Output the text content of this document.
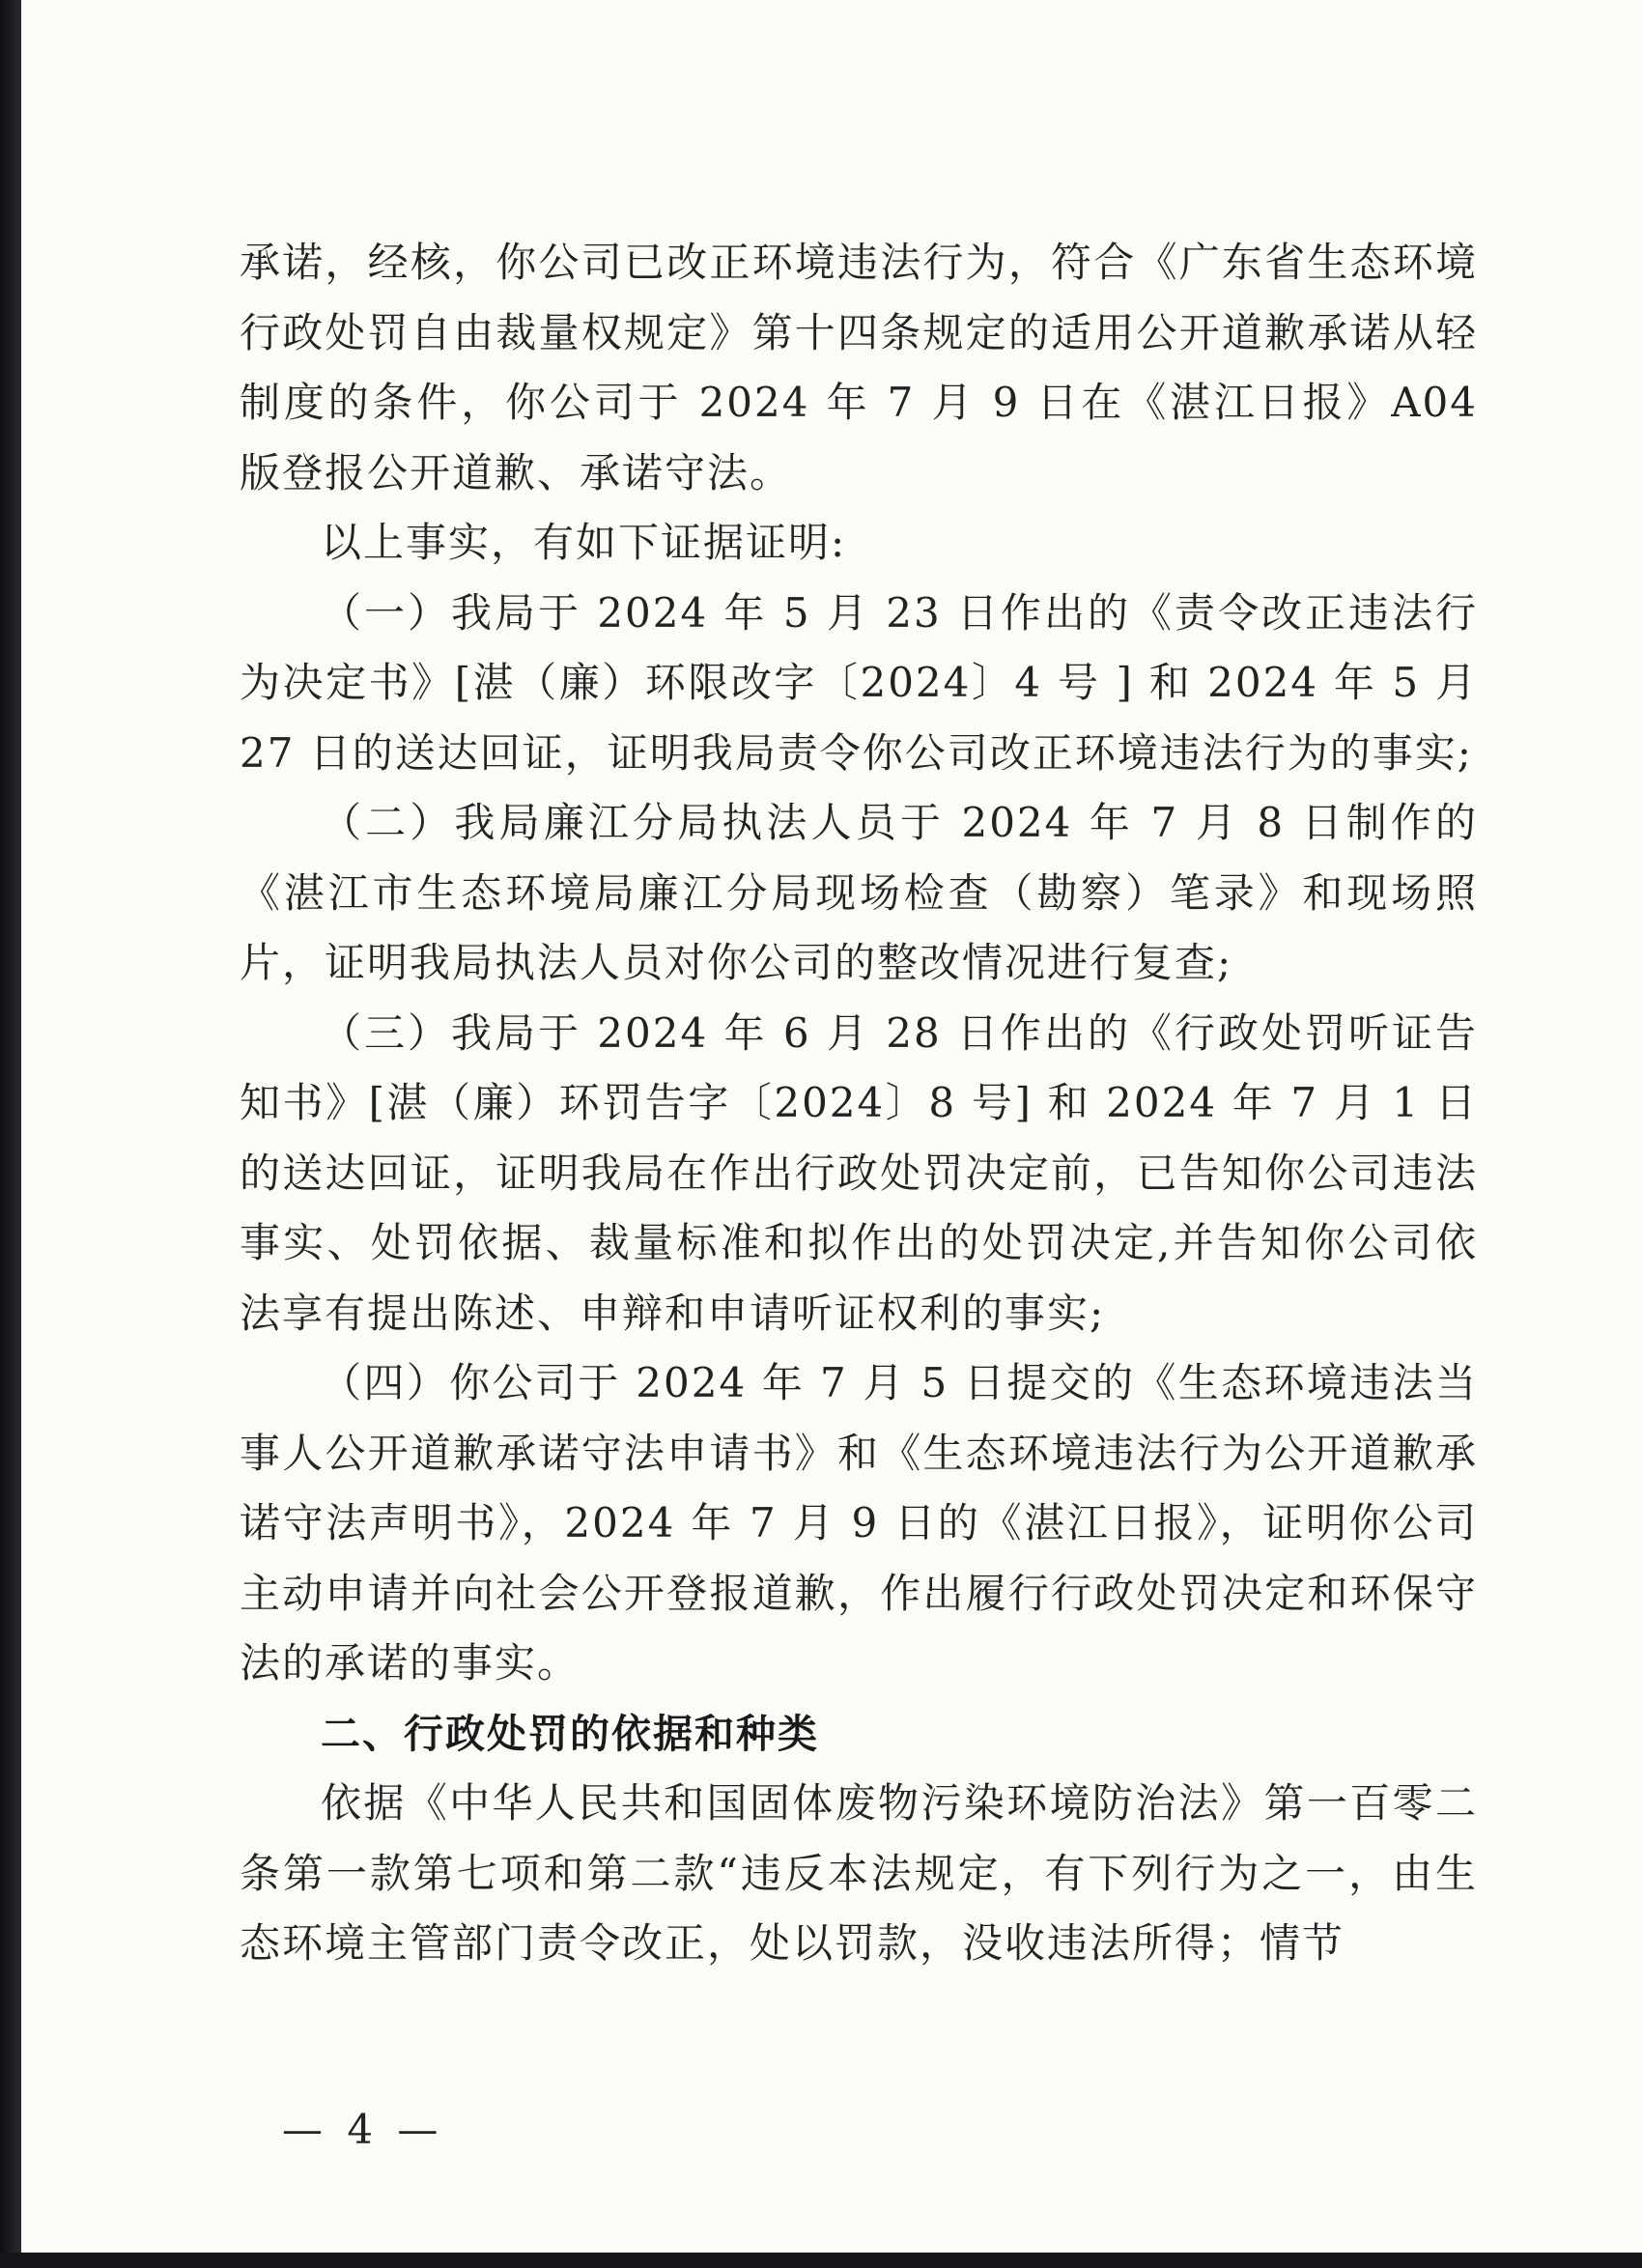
承诺，经核，你公司已改正环境违法行为，符合《广东省生态环境行政处罚自由裁量权规定》第十四条规定的适用公开道歉承诺从轻制度的条件，你公司于 2024 年 7 月 9 日在《湛江日报》A04 版登报公开道歉、承诺守法。

以上事实，有如下证据证明:

（一）我局于 2024 年 5 月 23 日作出的《责令改正违法行为决定书》[湛（廉）环限改字〔2024〕4 号 ] 和 2024 年 5 月 27 日的送达回证，证明我局责令你公司改正环境违法行为的事实;

（二）我局廉江分局执法人员于 2024 年 7 月 8 日制作的《湛江市生态环境局廉江分局现场检查（勘察）笔录》和现场照片，证明我局执法人员对你公司的整改情况进行复查;

（三）我局于 2024 年 6 月 28 日作出的《行政处罚听证告知书》[湛（廉）环罚告字〔2024〕8 号] 和 2024 年 7 月 1 日的送达回证，证明我局在作出行政处罚决定前，已告知你公司违法事实、处罚依据、裁量标准和拟作出的处罚决定,并告知你公司依法享有提出陈述、申辩和申请听证权利的事实;

（四）你公司于 2024 年 7 月 5 日提交的《生态环境违法当事人公开道歉承诺守法申请书》和《生态环境违法行为公开道歉承诺守法声明书》，2024 年 7 月 9 日的《湛江日报》，证明你公司主动申请并向社会公开登报道歉，作出履行行政处罚决定和环保守法的承诺的事实。

二、行政处罚的依据和种类

依据《中华人民共和国固体废物污染环境防治法》第一百零二条第一款第七项和第二款“违反本法规定，有下列行为之一，由生态环境主管部门责令改正，处以罚款，没收违法所得；情节

— 4 —
